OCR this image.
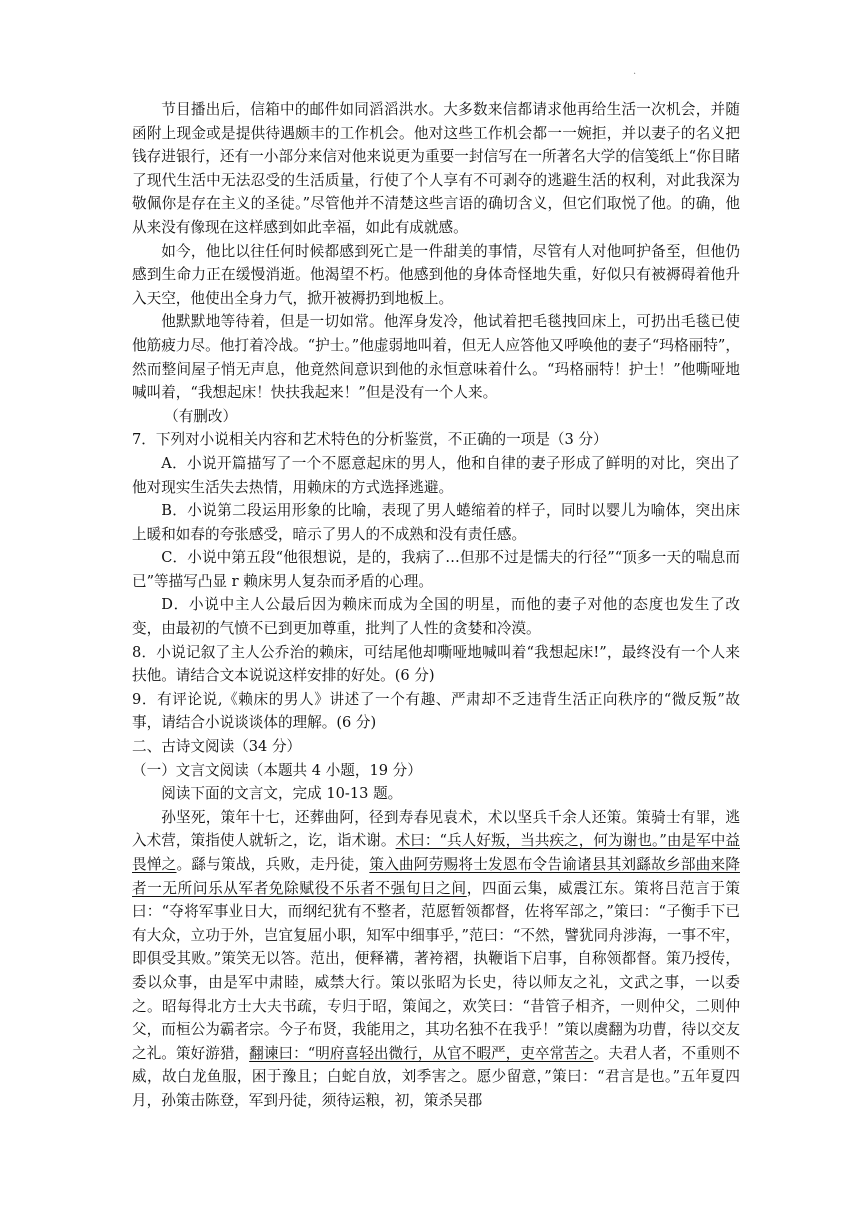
.

节目播出后，信箱中的邮件如同滔滔洪水。大多数来信都请求他再给生活一次机会，并随函附上现金或是提供待遇颇丰的工作机会。他对这些工作机会都一一婉拒，并以妻子的名义把钱存进银行，还有一小部分来信对他来说更为重要一封信写在一所著名大学的信笺纸上“你目睹了现代生活中无法忍受的生活质量，行使了个人享有不可剥夺的逃避生活的权利，对此我深为敬佩你是存在主义的圣徒。”尽管他并不清楚这些言语的确切含义，但它们取悦了他。的确，他从来没有像现在这样感到如此幸福，如此有成就感。

如今，他比以往任何时候都感到死亡是一件甜美的事情，尽管有人对他呵护备至，但他仍感到生命力正在缓慢消逝。他渴望不朽。他感到他的身体奇怪地失重，好似只有被褥碍着他升入天空，他使出全身力气，掀开被褥扔到地板上。

他默默地等待着，但是一切如常。他浑身发冷，他试着把毛毯拽回床上，可扔出毛毯已使他筋疲力尽。他打着冷战。“护士。”他虚弱地叫着，但无人应答他又呼唤他的妻子“玛格丽特”，然而整间屋子悄无声息，他竟然间意识到他的永恒意味着什么。“玛格丽特！护士！”他嘶哑地喊叫着，“我想起床！快扶我起来！”但是没有一个人来。

（有删改）

7．下列对小说相关内容和艺术特色的分析鉴赏，不正确的一项是（3 分）

A．小说开篇描写了一个不愿意起床的男人，他和自律的妻子形成了鲜明的对比，突出了他对现实生活失去热情，用赖床的方式选择逃避。

B．小说第二段运用形象的比喻，表现了男人蜷缩着的样子，同时以婴儿为喻体，突出床上暖和如春的夸张感受，暗示了男人的不成熟和没有责任感。

C．小说中第五段“他很想说，是的，我病了…但那不过是懦夫的行径”“顶多一天的喘息而已”等描写凸显 r 赖床男人复杂而矛盾的心理。

D．小说中主人公最后因为赖床而成为全国的明星，而他的妻子对他的态度也发生了改变，由最初的气愤不已到更加尊重，批判了人性的贪婪和冷漠。

8．小说记叙了主人公乔治的赖床，可结尾他却嘶哑地喊叫着“我想起床!”，最终没有一个人来扶他。请结合文本说说这样安排的好处。(6 分)

9．有评论说,《赖床的男人》讲述了一个有趣、严肃却不乏违背生活正向秩序的“微反叛”故事，请结合小说谈谈体的理解。(6 分)

二、古诗文阅读（34 分）

（一）文言文阅读（本题共 4 小题，19 分）

阅读下面的文言文，完成 10-13 题。

孙坚死，策年十七，还葬曲阿，径到寿春见袁术，术以坚兵千余人还策。策骑士有罪，逃入术营，策指使人就斩之，讫，诣术谢。术曰：“兵人好叛，当共疾之，何为谢也。”由是军中益畏惮之。繇与策战，兵败，走丹徒，策入曲阿劳赐将士发恩布令告谕诸县其刘繇故乡部曲来降者一无所问乐从军者免除赋役不乐者不强旬日之间，四面云集，威震江东。策将吕范言于策曰：“夺将军事业日大，而纲纪犹有不整者，范愿暂领都督，佐将军部之，”策曰：“子衡手下已有大众，立功于外，岂宜复屈小职，知军中细事乎，”范曰：“不然，譬犹同舟涉海，一事不牢，即俱受其败。”策笑无以答。范出，便释褠，著袴褶，执鞭诣下启事，自称领都督。策乃授传，委以众事，由是军中肃睦，威禁大行。策以张昭为长史，待以师友之礼，文武之事，一以委之。昭每得北方士大夫书疏，专归于昭，策闻之，欢笑曰：“昔管子相齐，一则仲父，二则仲父，而桓公为霸者宗。今子布贤，我能用之，其功名独不在我乎！”策以虞翻为功曹，待以交友之礼。策好游猎，翻谏曰：“明府喜轻出微行，从官不暇严，吏卒常苦之。夫君人者，不重则不威，故白龙鱼服，困于豫且；白蛇自放，刘季害之。愿少留意，”策曰：“君言是也。”五年夏四月，孙策击陈登，军到丹徒，须待运粮，初，策杀吴郡
